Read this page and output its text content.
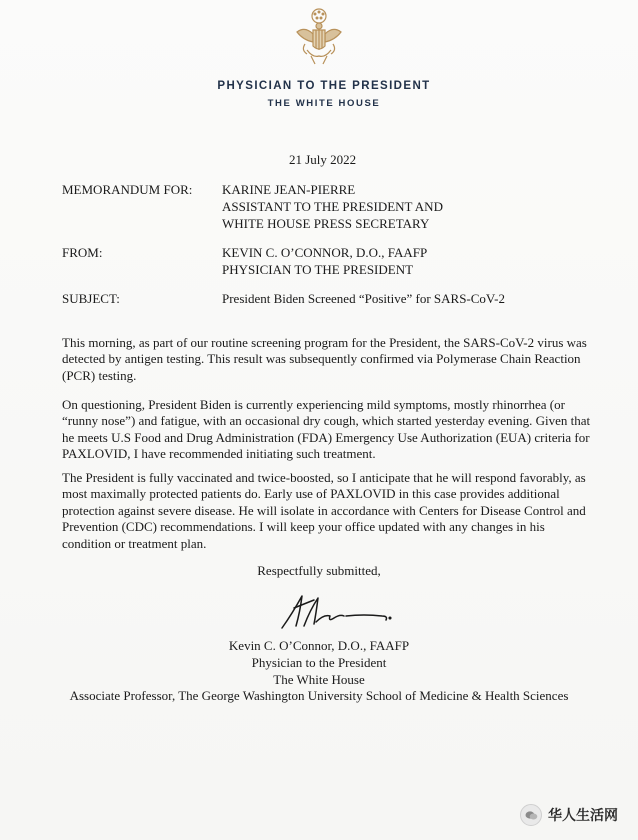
PHYSICIAN TO THE PRESIDENT
THE WHITE HOUSE
21 July 2022
MEMORANDUM FOR: KARINE JEAN-PIERRE
ASSISTANT TO THE PRESIDENT AND
WHITE HOUSE PRESS SECRETARY
FROM:	KEVIN C. O’CONNOR, D.O., FAAFP
PHYSICIAN TO THE PRESIDENT
SUBJECT:	President Biden Screened “Positive” for SARS-CoV-2

This morning, as part of our routine screening program for the President, the SARS-CoV-2 virus was detected by antigen testing. This result was subsequently confirmed via Polymerase Chain Reaction (PCR) testing.

On questioning, President Biden is currently experiencing mild symptoms, mostly rhinorrhea (or “runny nose”) and fatigue, with an occasional dry cough, which started yesterday evening. Given that he meets U.S Food and Drug Administration (FDA) Emergency Use Authorization (EUA) criteria for PAXLOVID, I have recommended initiating such treatment.

The President is fully vaccinated and twice-boosted, so I anticipate that he will respond favorably, as most maximally protected patients do. Early use of PAXLOVID in this case provides additional protection against severe disease. He will isolate in accordance with Centers for Disease Control and Prevention (CDC) recommendations. I will keep your office updated with any changes in his condition or treatment plan.

Respectfully submitted,
Kevin C. O’Connor, D.O., FAAFP
Physician to the President
The White House
Associate Professor, The George Washington University School of Medicine & Health Sciences
华人生活网
